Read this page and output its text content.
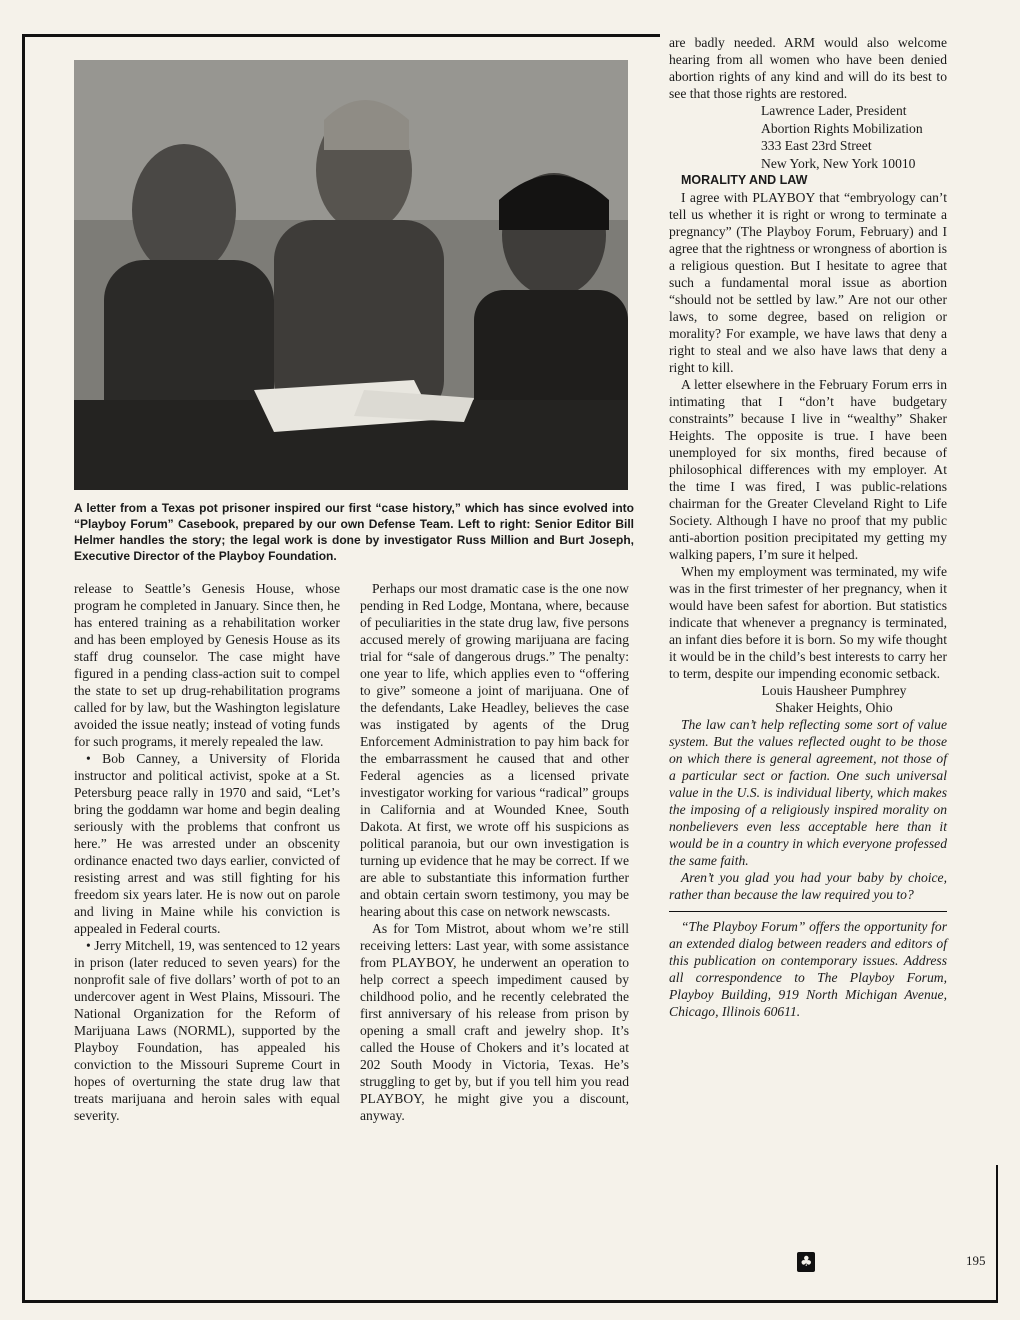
A letter from a Texas pot prisoner inspired our first “case history,” which has since evolved into “Playboy Forum” Casebook, prepared by our own Defense Team. Left to right: Senior Editor Bill Helmer handles the story; the legal work is done by investigator Russ Million and Burt Joseph, Executive Director of the Playboy Foundation.

release to Seattle’s Genesis House, whose program he completed in January. Since then, he has entered training as a rehabilitation worker and has been employed by Genesis House as its staff drug counselor. The case might have figured in a pending class-action suit to compel the state to set up drug-rehabilitation programs called for by law, but the Washington legislature avoided the issue neatly; instead of voting funds for such programs, it merely repealed the law.

• Bob Canney, a University of Florida instructor and political activist, spoke at a St. Petersburg peace rally in 1970 and said, “Let’s bring the goddamn war home and begin dealing seriously with the problems that confront us here.” He was arrested under an obscenity ordinance enacted two days earlier, convicted of resisting arrest and was still fighting for his freedom six years later. He is now out on parole and living in Maine while his conviction is appealed in Federal courts.

• Jerry Mitchell, 19, was sentenced to 12 years in prison (later reduced to seven years) for the nonprofit sale of five dollars’ worth of pot to an undercover agent in West Plains, Missouri. The National Organization for the Reform of Marijuana Laws (NORML), supported by the Playboy Foundation, has appealed his conviction to the Missouri Supreme Court in hopes of overturning the state drug law that treats marijuana and heroin sales with equal severity.

Perhaps our most dramatic case is the one now pending in Red Lodge, Montana, where, because of peculiarities in the state drug law, five persons accused merely of growing marijuana are facing trial for “sale of dangerous drugs.” The penalty: one year to life, which applies even to “offering to give” someone a joint of marijuana. One of the defendants, Lake Headley, believes the case was instigated by agents of the Drug Enforcement Administration to pay him back for the embarrassment he caused that and other Federal agencies as a licensed private investigator working for various “radical” groups in California and at Wounded Knee, South Dakota. At first, we wrote off his suspicions as political paranoia, but our own investigation is turning up evidence that he may be correct. If we are able to substantiate this information further and obtain certain sworn testimony, you may be hearing about this case on network newscasts.

As for Tom Mistrot, about whom we’re still receiving letters: Last year, with some assistance from PLAYBOY, he underwent an operation to help correct a speech impediment caused by childhood polio, and he recently celebrated the first anniversary of his release from prison by opening a small craft and jewelry shop. It’s called the House of Chokers and it’s located at 202 South Moody in Victoria, Texas. He’s struggling to get by, but if you tell him you read PLAYBOY, he might give you a discount, anyway.

are badly needed. ARM would also welcome hearing from all women who have been denied abortion rights of any kind and will do its best to see that those rights are restored.

Lawrence Lader, President

Abortion Rights Mobilization

333 East 23rd Street

New York, New York 10010

MORALITY AND LAW

I agree with PLAYBOY that “embryology can’t tell us whether it is right or wrong to terminate a pregnancy” (The Playboy Forum, February) and I agree that the rightness or wrongness of abortion is a religious question. But I hesitate to agree that such a fundamental moral issue as abortion “should not be settled by law.” Are not our other laws, to some degree, based on religion or morality? For example, we have laws that deny a right to steal and we also have laws that deny a right to kill.

A letter elsewhere in the February Forum errs in intimating that I “don’t have budgetary constraints” because I live in “wealthy” Shaker Heights. The opposite is true. I have been unemployed for six months, fired because of philosophical differences with my employer. At the time I was fired, I was public-relations chairman for the Greater Cleveland Right to Life Society. Although I have no proof that my public anti-abortion position precipitated my getting my walking papers, I’m sure it helped.

When my employment was terminated, my wife was in the first trimester of her pregnancy, when it would have been safest for abortion. But statistics indicate that whenever a pregnancy is terminated, an infant dies before it is born. So my wife thought it would be in the child’s best interests to carry her to term, despite our impending economic setback.

Louis Hausheer Pumphrey

Shaker Heights, Ohio

The law can’t help reflecting some sort of value system. But the values reflected ought to be those on which there is general agreement, not those of a particular sect or faction. One such universal value in the U.S. is individual liberty, which makes the imposing of a religiously inspired morality on nonbelievers even less acceptable here than it would be in a country in which everyone professed the same faith.

Aren’t you glad you had your baby by choice, rather than because the law required you to?

“The Playboy Forum” offers the opportunity for an extended dialog between readers and editors of this publication on contemporary issues. Address all correspondence to The Playboy Forum, Playboy Building, 919 North Michigan Avenue, Chicago, Illinois 60611.

♣	195
